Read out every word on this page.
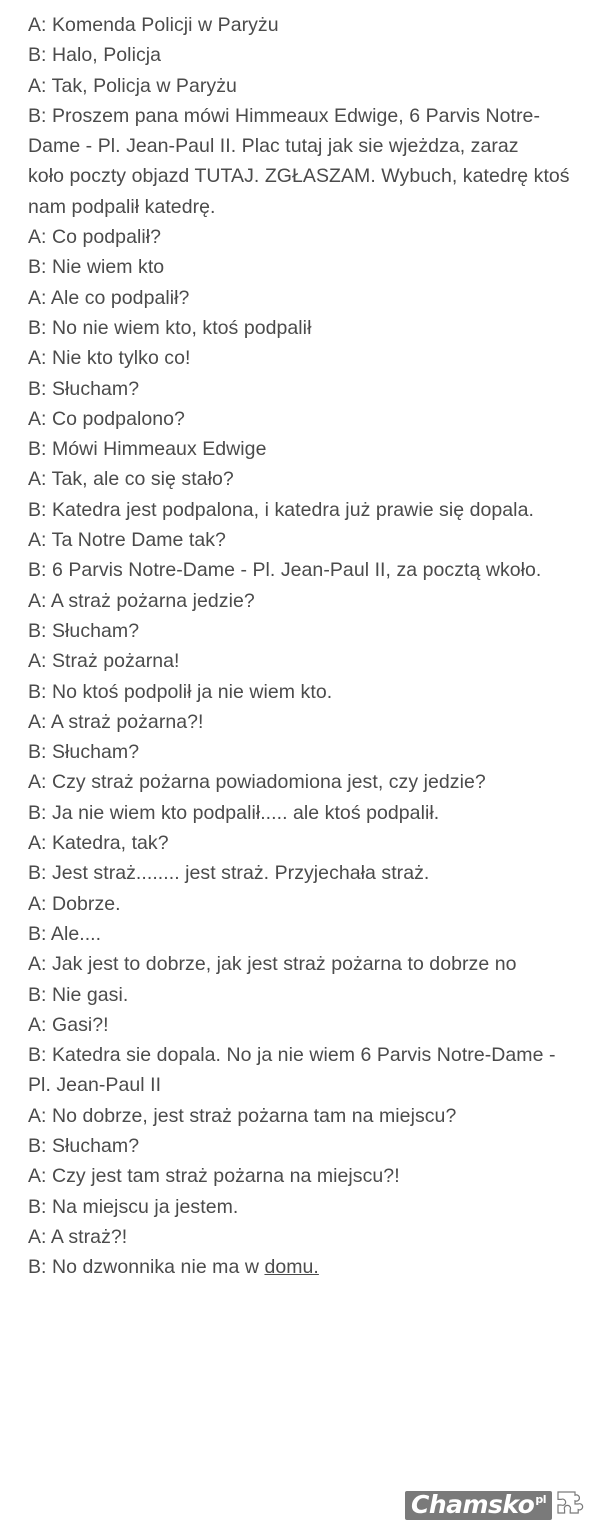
A: Komenda Policji w Paryżu
B: Halo, Policja
A: Tak, Policja w Paryżu
B: Proszem pana mówi Himmeaux Edwige, 6 Parvis Notre-Dame - Pl. Jean-Paul II. Plac tutaj jak sie wjeżdza, zaraz
koło poczty objazd TUTAJ. ZGŁASZAM. Wybuch, katedrę ktoś nam podpalił katedrę.
A: Co podpalił?
B: Nie wiem kto
A: Ale co podpalił?
B: No nie wiem kto, ktoś podpalił
A: Nie kto tylko co!
B: Słucham?
A: Co podpalono?
B: Mówi Himmeaux Edwige
A: Tak, ale co się stało?
B: Katedra jest podpalona, i katedra już prawie się dopala.
A: Ta Notre Dame tak?
B: 6 Parvis Notre-Dame - Pl. Jean-Paul II, za pocztą wkoło.
A: A straż pożarna jedzie?
B: Słucham?
A: Straż pożarna!
B: No ktoś podpolił ja nie wiem kto.
A: A straż pożarna?!
B: Słucham?
A: Czy straż pożarna powiadomiona jest, czy jedzie?
B: Ja nie wiem kto podpalił..... ale ktoś podpalił.
A: Katedra, tak?
B: Jest straż........ jest straż. Przyjechała straż.
A: Dobrze.
B: Ale....
A: Jak jest to dobrze, jak jest straż pożarna to dobrze no
B: Nie gasi.
A: Gasi?!
B: Katedra sie dopala. No ja nie wiem 6 Parvis Notre-Dame - Pl. Jean-Paul II
A: No dobrze, jest straż pożarna tam na miejscu?
B: Słucham?
A: Czy jest tam straż pożarna na miejscu?!
B: Na miejscu ja jestem.
A: A straż?!
B: No dzwonnika nie ma w domu.
Chamsko$^{pl}$
